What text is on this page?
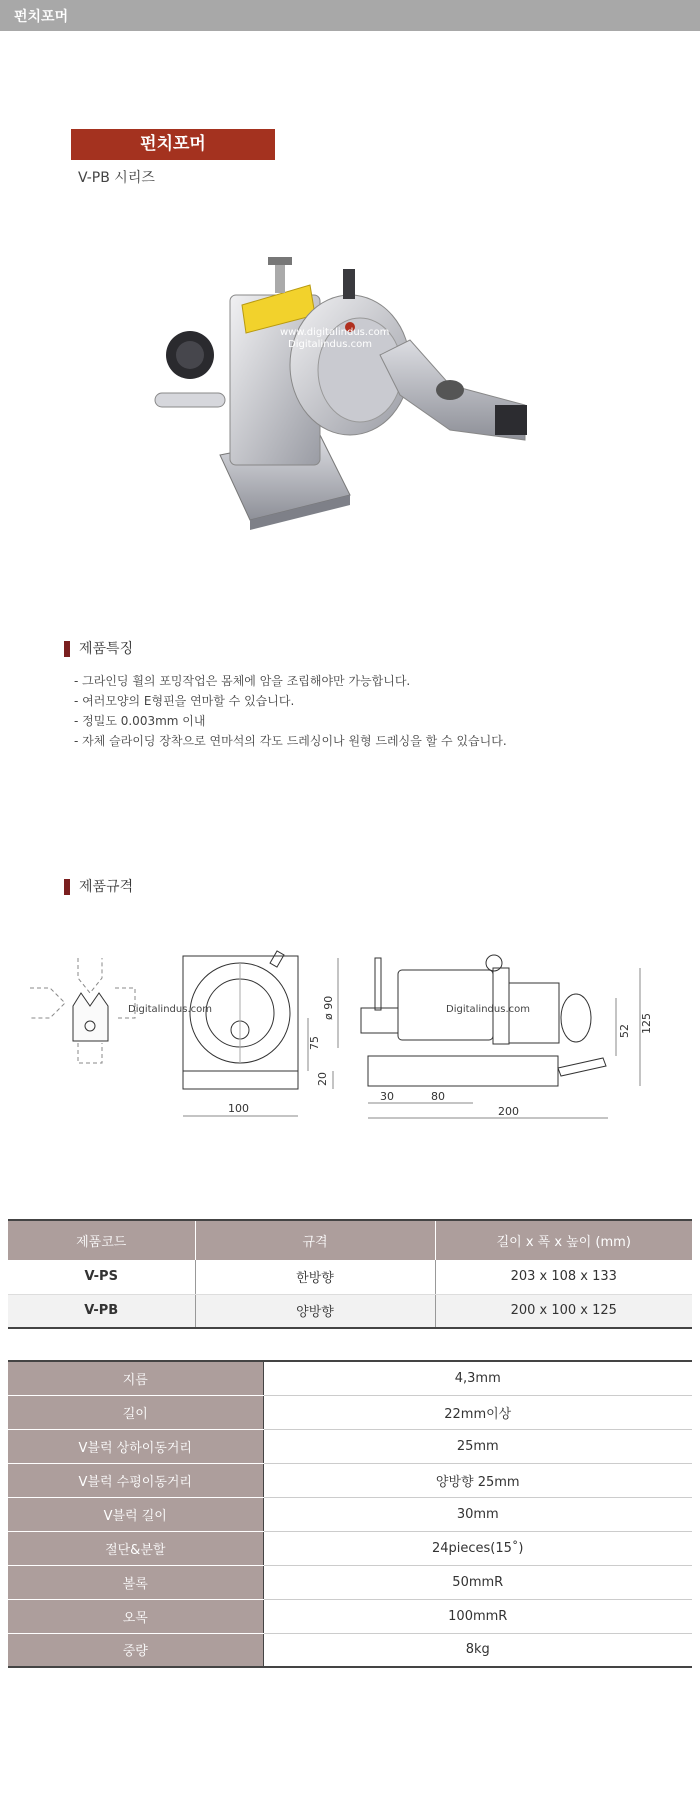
펀치포머
펀치포머
V-PB 시리즈
www.digitalindus.com
Digitalindus.com
제품특징
- 그라인딩 휠의 포밍작업은 몸체에 암을 조립해야만 가능합니다.
- 여러모양의 E형핀을 연마할 수 있습니다.
- 정밀도 0.003mm 이내
- 자체 슬라이딩 장착으로 연마석의 각도 드레싱이나 원형 드레싱을 할 수 있습니다.
제품규격
100
75
20
ø 90
30	80
200
52 125
Digitalindus.com	Digitalindus.com
제품코드	규격	길이 x 폭 x 높이 (mm)
V-PS	한방향	203 x 108 x 133
V-PB	양방향	200 x 100 x 125
지름	4,3mm
길이	22mm이상
V블럭 상하이동거리	25mm
V블럭 수평이동거리	양방향 25mm
V블럭 길이	30mm
절단&분할	24pieces(15˚)
볼록	50mmR
오목	100mmR
중량	8kg
